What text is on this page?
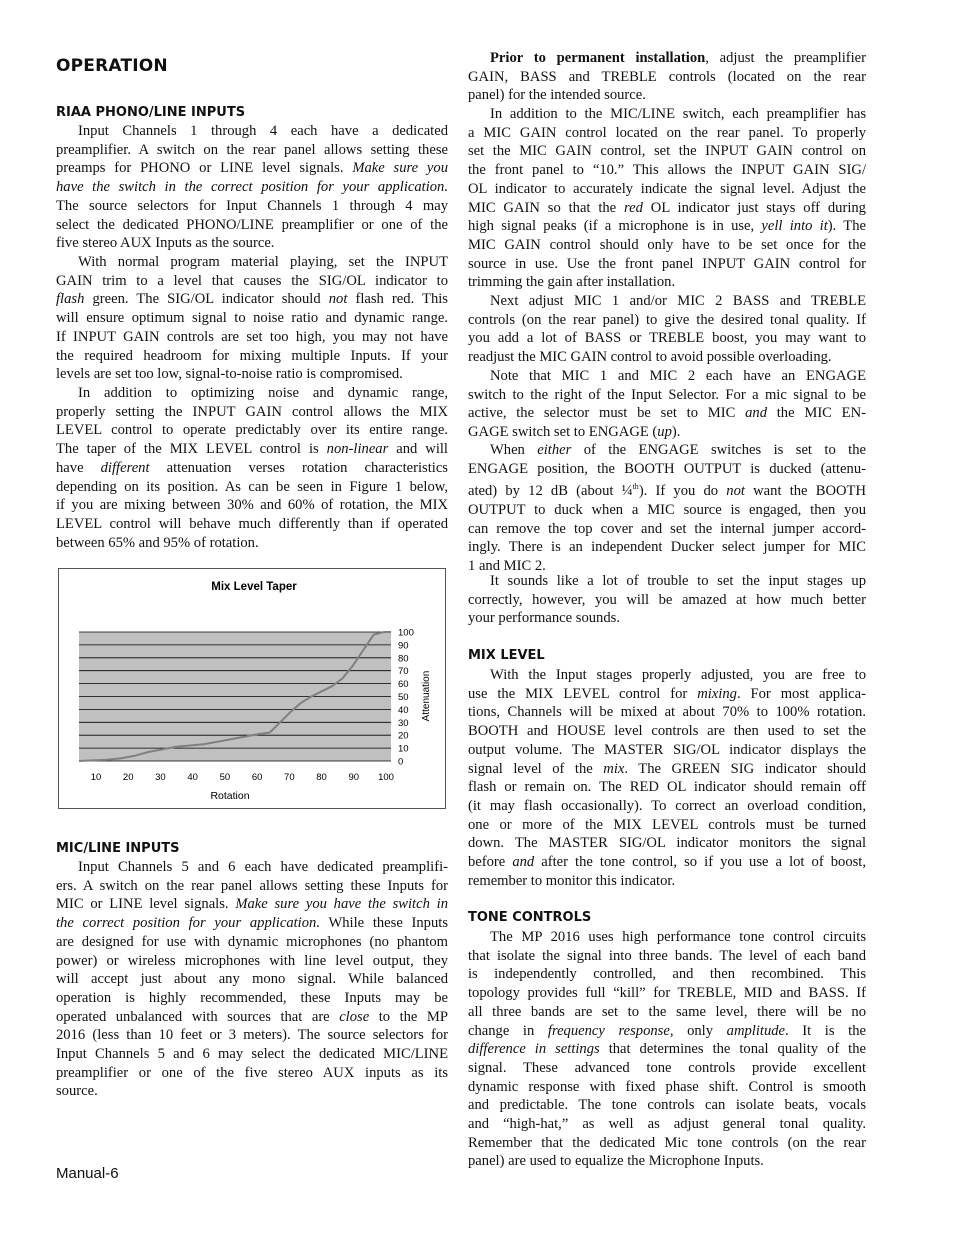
OPERATION
RIAA PHONO/LINE INPUTS
Input Channels 1 through 4 each have a dedicated
preamplifier. A switch on the rear panel allows setting these
preamps for PHONO or LINE level signals. Make sure you
have the switch in the correct position for your application.
The source selectors for Input Channels 1 through 4 may
select the dedicated PHONO/LINE preamplifier or one of the
five stereo AUX Inputs as the source.
With normal program material playing, set the INPUT
GAIN trim to a level that causes the SIG/OL indicator to
flash green. The SIG/OL indicator should not flash red. This
will ensure optimum signal to noise ratio and dynamic range.
If INPUT GAIN controls are set too high, you may not have
the required headroom for mixing multiple Inputs. If your
levels are set too low, signal-to-noise ratio is compromised.
In addition to optimizing noise and dynamic range,
properly setting the INPUT GAIN control allows the MIX
LEVEL control to operate predictably over its entire range.
The taper of the MIX LEVEL control is non-linear and will
have different attenuation verses rotation characteristics
depending on its position. As can be seen in Figure 1 below,
if you are mixing between 30% and 60% of rotation, the MIX
LEVEL control will behave much differently than if operated
between 65% and 95% of rotation.
Mix Level Taper
100
90
80
70
60
50
40
30
20
10
0
10 20 30 40 50 60 70 80 90 100
Rotation
Attenuation
MIC/LINE INPUTS
Input Channels 5 and 6 each have dedicated preamplifi-
ers. A switch on the rear panel allows setting these Inputs for
MIC or LINE level signals. Make sure you have the switch in
the correct position for your application. While these Inputs
are designed for use with dynamic microphones (no phantom
power) or wireless microphones with line level output, they
will accept just about any mono signal. While balanced
operation is highly recommended, these Inputs may be
operated unbalanced with sources that are close to the MP
2016 (less than 10 feet or 3 meters). The source selectors for
Input Channels 5 and 6 may select the dedicated MIC/LINE
preamplifier or one of the five stereo AUX inputs as its
source.
Prior to permanent installation, adjust the preamplifier
GAIN, BASS and TREBLE controls (located on the rear
panel) for the intended source.
In addition to the MIC/LINE switch, each preamplifier has
a MIC GAIN control located on the rear panel. To properly
set the MIC GAIN control, set the INPUT GAIN control on
the front panel to “10.” This allows the INPUT GAIN SIG/
OL indicator to accurately indicate the signal level. Adjust the
MIC GAIN so that the red OL indicator just stays off during
high signal peaks (if a microphone is in use, yell into it). The
MIC GAIN control should only have to be set once for the
source in use. Use the front panel INPUT GAIN control for
trimming the gain after installation.
Next adjust MIC 1 and/or MIC 2 BASS and TREBLE
controls (on the rear panel) to give the desired tonal quality. If
you add a lot of BASS or TREBLE boost, you may want to
readjust the MIC GAIN control to avoid possible overloading.
Note that MIC 1 and MIC 2 each have an ENGAGE
switch to the right of the Input Selector. For a mic signal to be
active, the selector must be set to MIC and the MIC EN-
GAGE switch set to ENGAGE (up).
When either of the ENGAGE switches is set to the
ENGAGE position, the BOOTH OUTPUT is ducked (attenu-
ated) by 12 dB (about ¼$^{th}$). If you do not want the BOOTH
OUTPUT to duck when a MIC source is engaged, then you
can remove the top cover and set the internal jumper accord-
ingly. There is an independent Ducker select jumper for MIC
1 and MIC 2.
It sounds like a lot of trouble to set the input stages up
correctly, however, you will be amazed at how much better
your performance sounds.
MIX LEVEL
With the Input stages properly adjusted, you are free to
use the MIX LEVEL control for mixing. For most applica-
tions, Channels will be mixed at about 70% to 100% rotation.
BOOTH and HOUSE level controls are then used to set the
output volume. The MASTER SIG/OL indicator displays the
signal level of the mix. The GREEN SIG indicator should
flash or remain on. The RED OL indicator should remain off
(it may flash occasionally). To correct an overload condition,
one or more of the MIX LEVEL controls must be turned
down. The MASTER SIG/OL indicator monitors the signal
before and after the tone control, so if you use a lot of boost,
remember to monitor this indicator.
TONE CONTROLS
The MP 2016 uses high performance tone control circuits
that isolate the signal into three bands. The level of each band
is independently controlled, and then recombined. This
topology provides full “kill” for TREBLE, MID and BASS. If
all three bands are set to the same level, there will be no
change in frequency response, only amplitude. It is the
difference in settings that determines the tonal quality of the
signal. These advanced tone controls provide excellent
dynamic response with fixed phase shift. Control is smooth
and predictable. The tone controls can isolate beats, vocals
and “high-hat,” as well as adjust general tonal quality.
Remember that the dedicated Mic tone controls (on the rear
panel) are used to equalize the Microphone Inputs.
Manual-6
